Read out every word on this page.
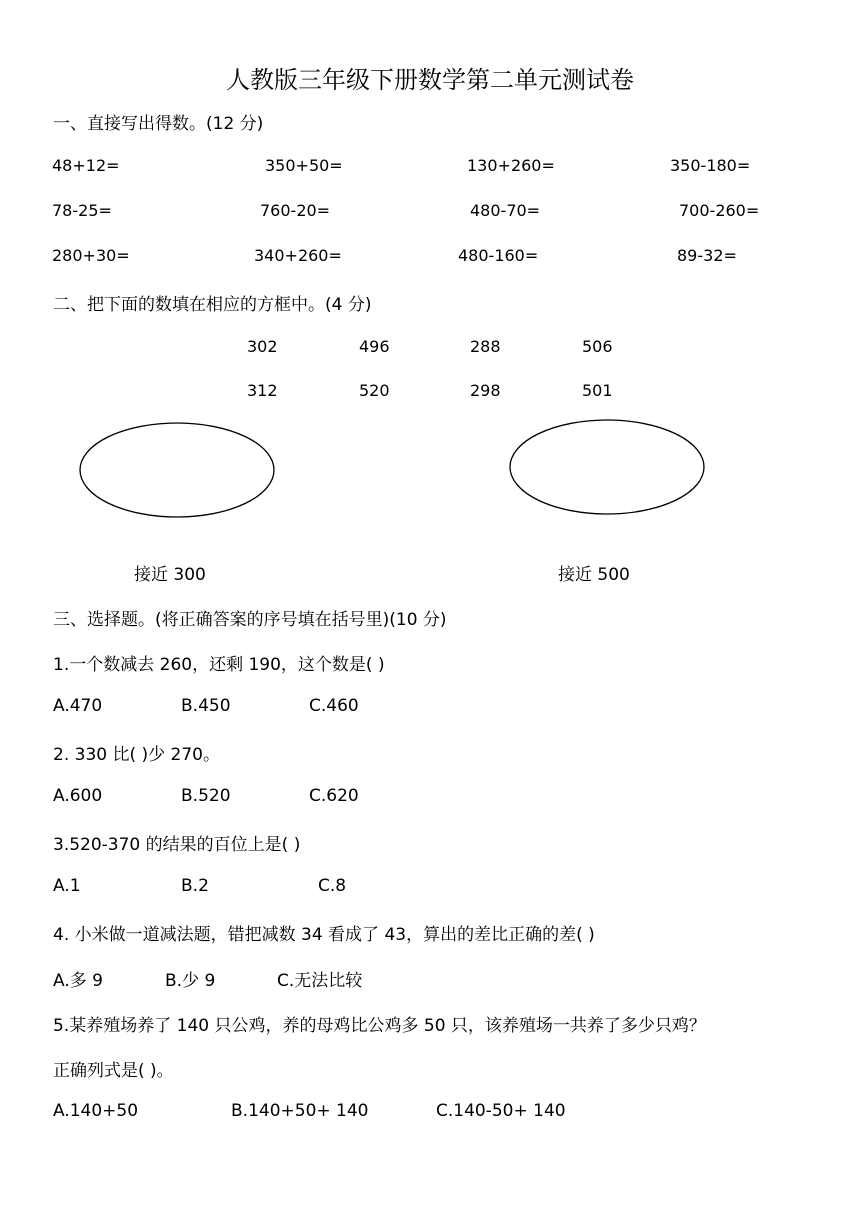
人教版三年级下册数学第二单元测试卷
一、直接写出得数。(12 分)
48+12=	350+50=	130+260=	350-180=
78-25=	760-20=	480-70=	700-260=
280+30=	340+260=	480-160=	89-32=
二、把下面的数填在相应的方框中。(4 分)
302	496	288	506
312	520	298	501
接近 300	接近 500
三、选择题。(将正确答案的序号填在括号里)(10 分)
1.一个数减去 260，还剩 190，这个数是( )
A.470	B.450	C.460
2. 330 比( )少 270。
A.600	B.520	C.620
3.520-370 的结果的百位上是( )
A.1	B.2	C.8
4. 小米做一道减法题，错把减数 34 看成了 43，算出的差比正确的差( )
A.多 9	B.少 9	C.无法比较
5.某养殖场养了 140 只公鸡，养的母鸡比公鸡多 50 只，该养殖场一共养了多少只鸡？
正确列式是( )。
A.140+50	B.140+50+ 140	C.140-50+ 140
